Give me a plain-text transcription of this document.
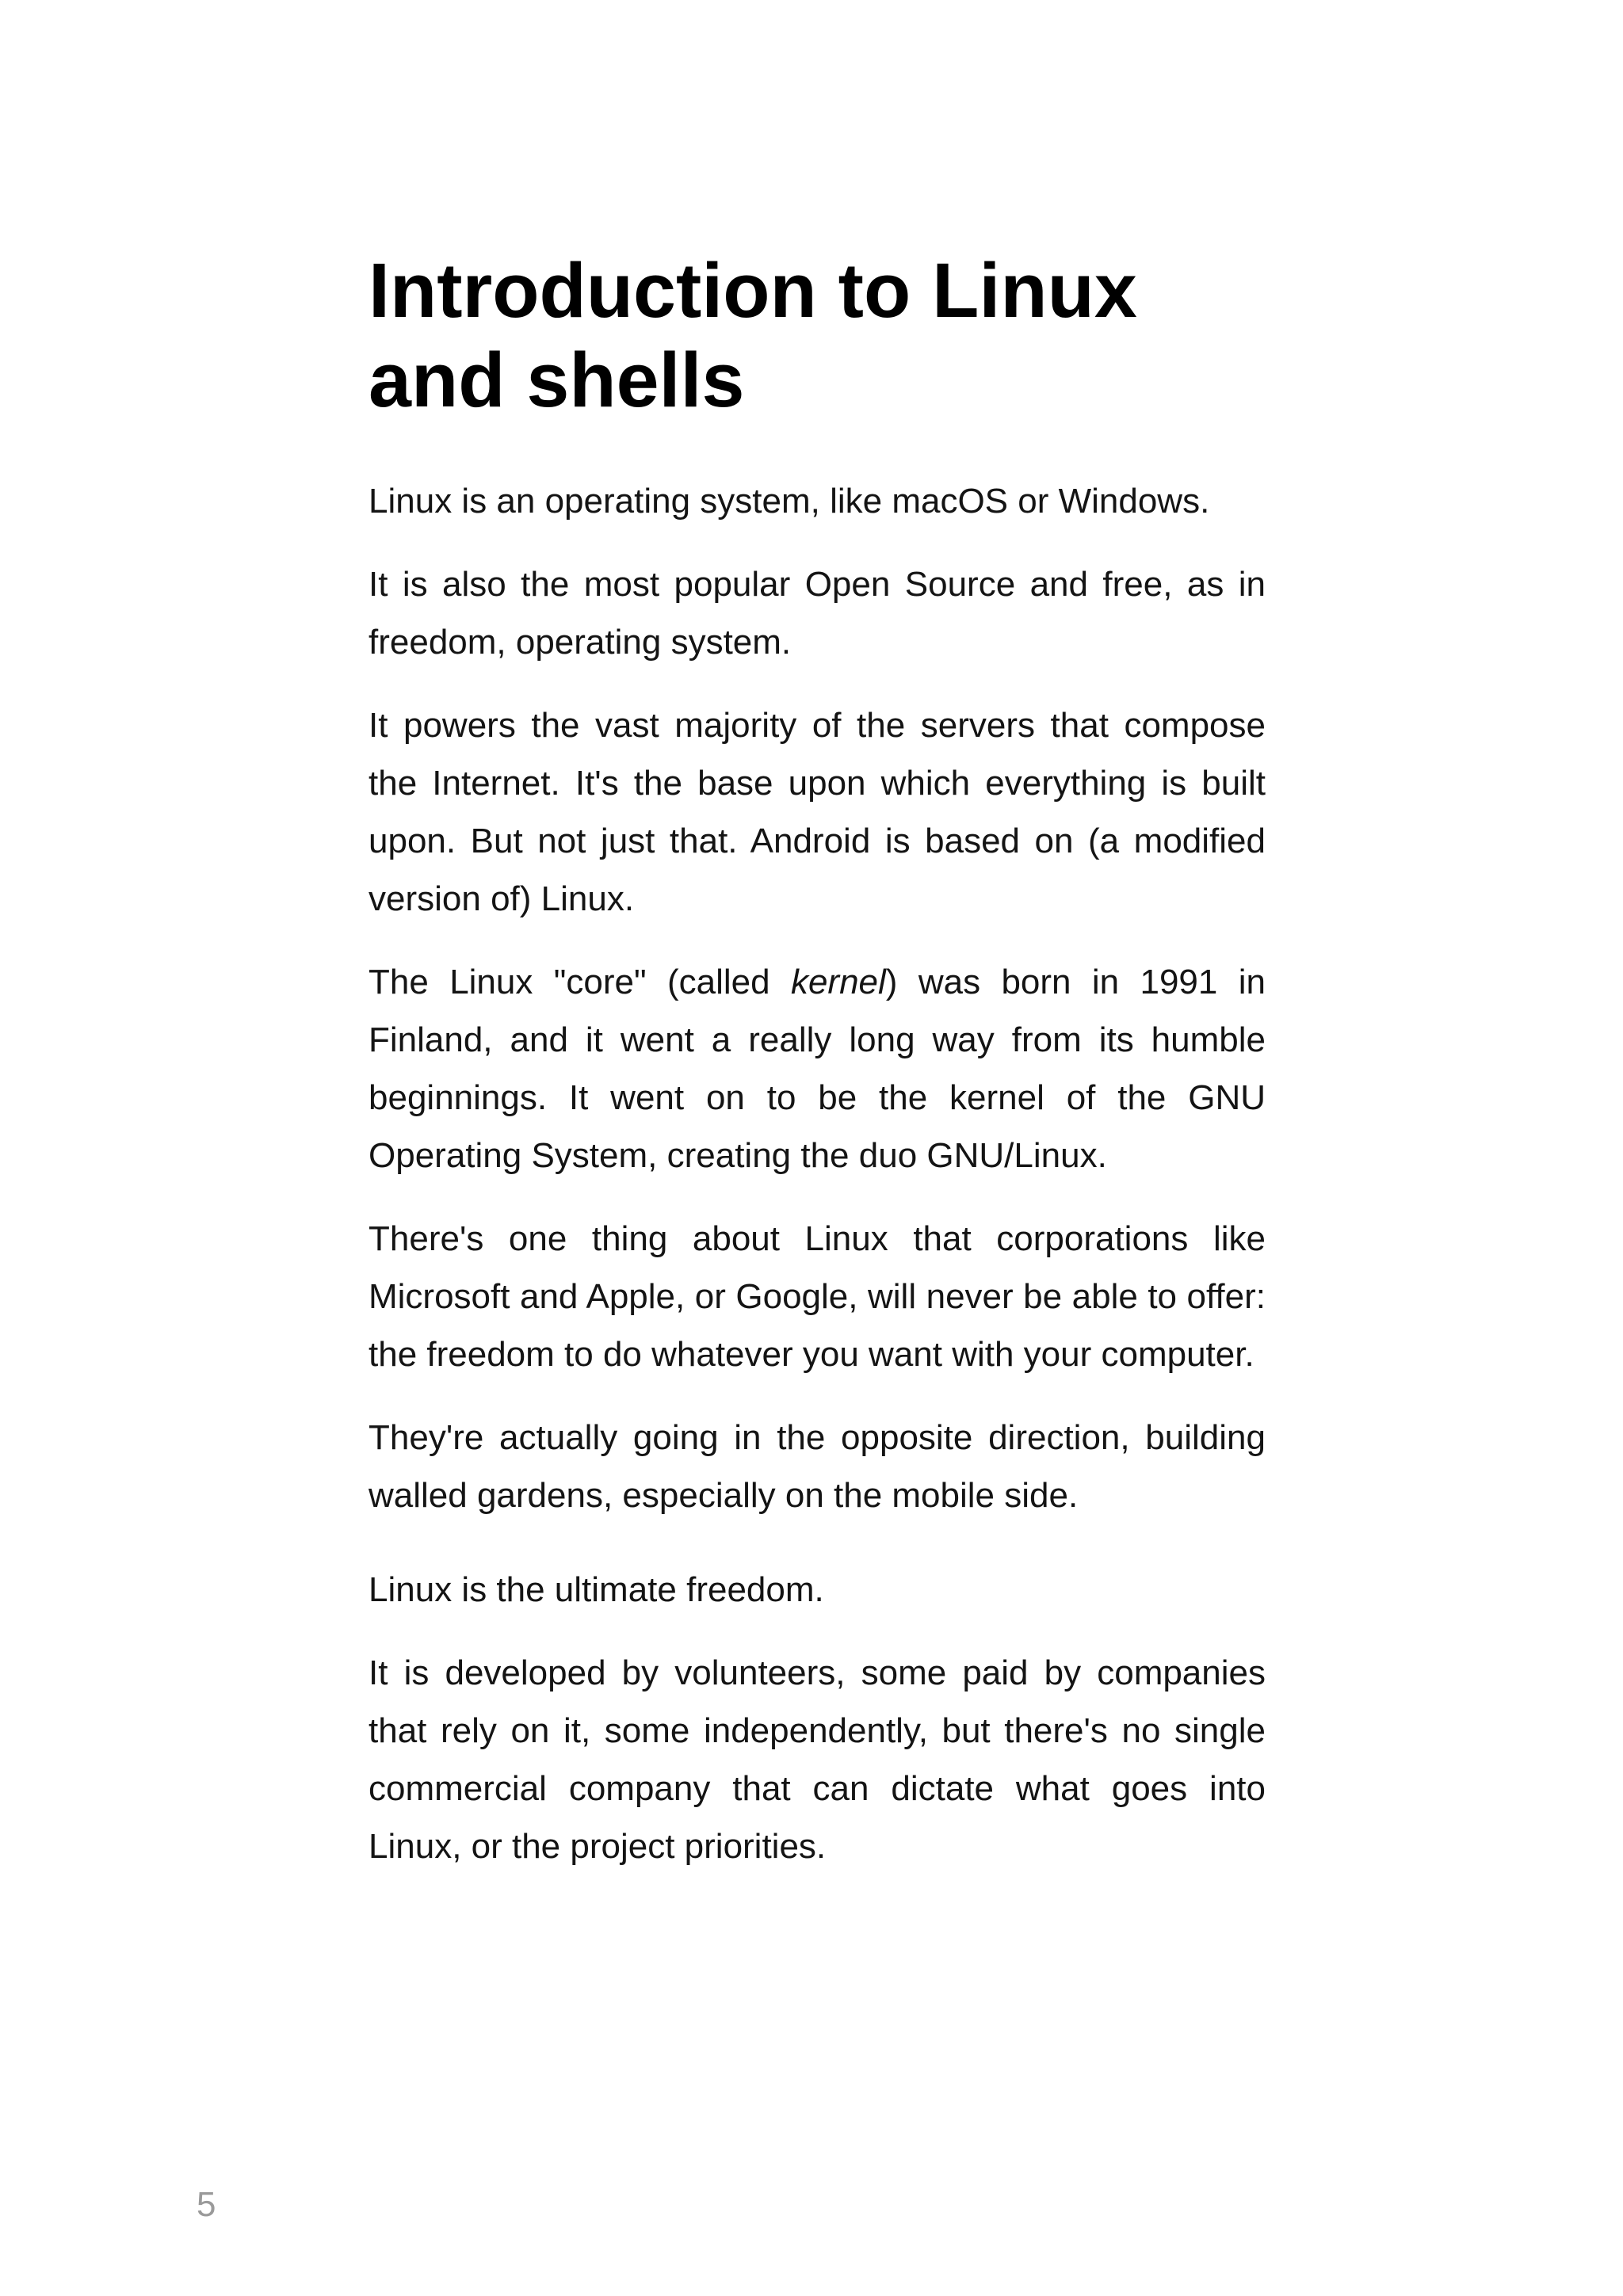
Introduction to Linux and shells

Linux is an operating system, like macOS or Windows.

It is also the most popular Open Source and free, as in freedom, operating system.

It powers the vast majority of the servers that compose the Internet. It's the base upon which everything is built upon. But not just that. Android is based on (a modified version of) Linux.

The Linux "core" (called kernel) was born in 1991 in Finland, and it went a really long way from its humble beginnings. It went on to be the kernel of the GNU Operating System, creating the duo GNU/Linux.

There's one thing about Linux that corporations like Microsoft and Apple, or Google, will never be able to offer: the freedom to do whatever you want with your computer.

They're actually going in the opposite direction, building walled gardens, especially on the mobile side.

Linux is the ultimate freedom.

It is developed by volunteers, some paid by companies that rely on it, some independently, but there's no single commercial company that can dictate what goes into Linux, or the project priorities.

5
